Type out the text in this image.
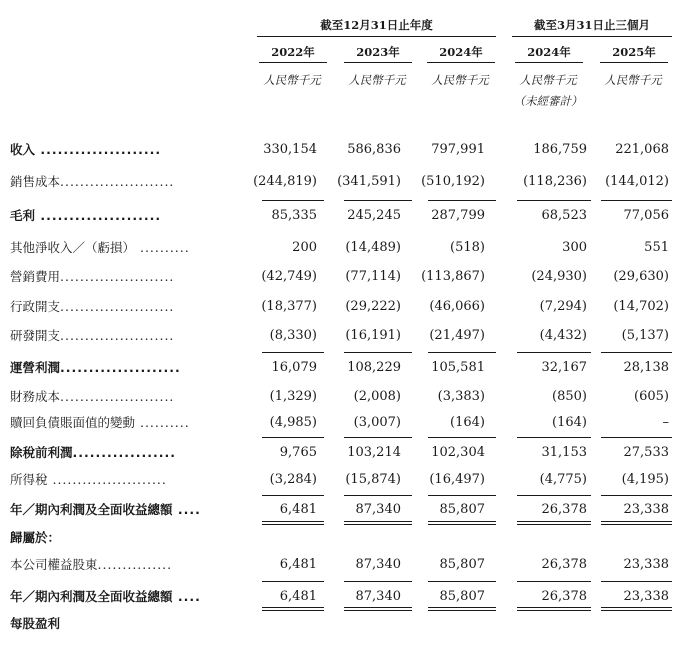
截至12月31日止年度	截至3月31日止三個月
2022年	2023年	2024年	2024年	2025年
人民幣千元	人民幣千元	人民幣千元	人民幣千元	人民幣千元
（未經審計）
收入 .....................	330,154	586,836	797,991	186,759	221,068
銷售成本.......................	(244,819)	(341,591)	(510,192)	(118,236)	(144,012)
毛利 .....................	85,335	245,245	287,799	68,523	77,056
其他淨收入／（虧損） ..........	200	(14,489)	(518)	300	551
營銷費用.......................	(42,749)	(77,114)	(113,867)	(24,930)	(29,630)
行政開支.......................	(18,377)	(29,222)	(46,066)	(7,294)	(14,702)
研發開支.......................	(8,330)	(16,191)	(21,497)	(4,432)	(5,137)
運營利潤.....................	16,079	108,229	105,581	32,167	28,138
財務成本.......................	(1,329)	(2,008)	(3,383)	(850)	(605)
贖回負債賬面值的變動 ..........	(4,985)	(3,007)	(164)	(164)	–
除稅前利潤..................	9,765	103,214	102,304	31,153	27,533
所得稅 .......................	(3,284)	(15,874)	(16,497)	(4,775)	(4,195)
年／期內利潤及全面收益總額 ....	6,481	87,340	85,807	26,378	23,338
歸屬於：
本公司權益股東...............	6,481	87,340	85,807	26,378	23,338
年／期內利潤及全面收益總額 ....	6,481	87,340	85,807	26,378	23,338
每股盈利
